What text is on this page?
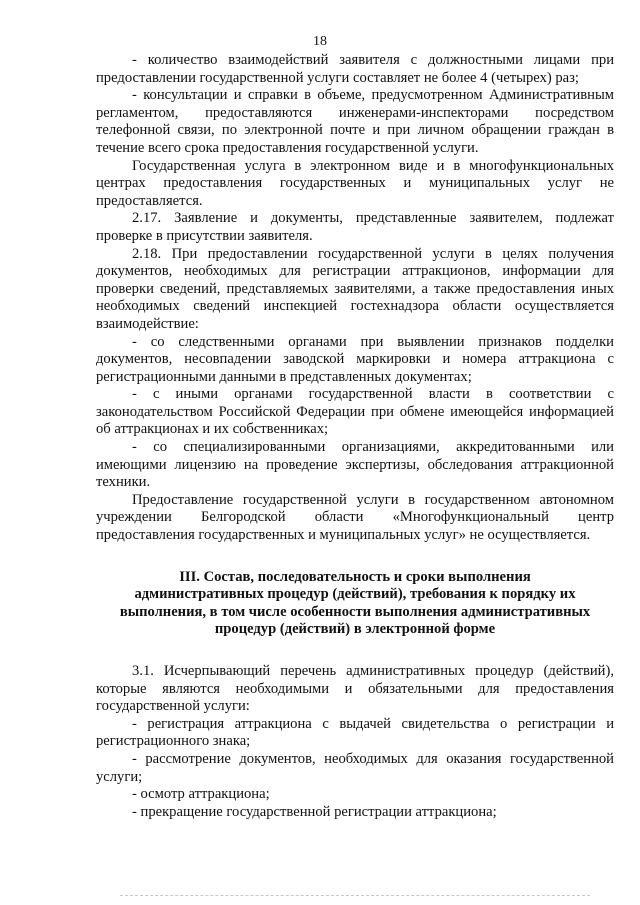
18

- количество взаимодействий заявителя с должностными лицами при предоставлении государственной услуги составляет не более 4 (четырех) раз;

- консультации и справки в объеме, предусмотренном Административным регламентом, предоставляются инженерами-инспекторами посредством телефонной связи, по электронной почте и при личном обращении граждан в течение всего срока предоставления государственной услуги.

Государственная услуга в электронном виде и в многофункциональных центрах предоставления государственных и муниципальных услуг не предоставляется.

2.17. Заявление и документы, представленные заявителем, подлежат проверке в присутствии заявителя.

2.18. При предоставлении государственной услуги в целях получения документов, необходимых для регистрации аттракционов, информации для проверки сведений, представляемых заявителями, а также предоставления иных необходимых сведений инспекцией гостехнадзора области осуществляется взаимодействие:

- со следственными органами при выявлении признаков подделки документов, несовпадении заводской маркировки и номера аттракциона с регистрационными данными в представленных документах;

- с иными органами государственной власти в соответствии с законодательством Российской Федерации при обмене имеющейся информацией об аттракционах и их собственниках;

- со специализированными организациями, аккредитованными или имеющими лицензию на проведение экспертизы, обследования аттракционной техники.

Предоставление государственной услуги в государственном автономном учреждении Белгородской области «Многофункциональный центр предоставления государственных и муниципальных услуг» не осуществляется.

III. Состав, последовательность и сроки выполнения административных процедур (действий), требования к порядку их выполнения, в том числе особенности выполнения административных процедур (действий) в электронной форме

3.1. Исчерпывающий перечень административных процедур (действий), которые являются необходимыми и обязательными для предоставления государственной услуги:

- регистрация аттракциона с выдачей свидетельства о регистрации и регистрационного знака;

- рассмотрение документов, необходимых для оказания государственной услуги;

- осмотр аттракциона;

- прекращение государственной регистрации аттракциона;
